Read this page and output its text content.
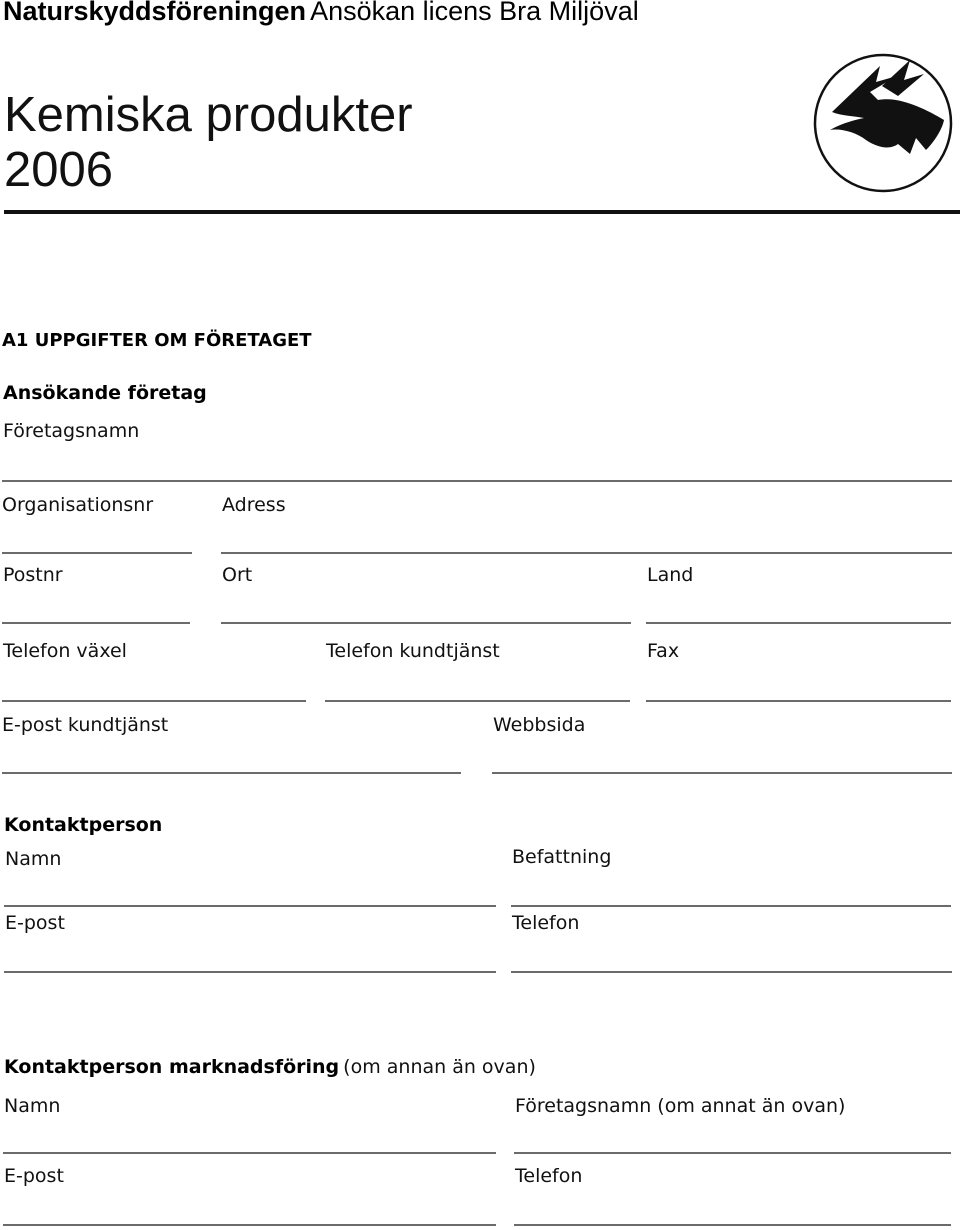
Naturskyddsföreningen Ansökan licens Bra Miljöval
Kemiska produkter
2006
A1 UPPGIFTER OM FÖRETAGET
Ansökande företag
Företagsnamn
Organisationsnr	Adress
Postnr	Ort	Land
Telefon växel	Telefon kundtjänst	Fax
E-post kundtjänst	Webbsida
Kontaktperson
Namn	Befattning
E-post	Telefon
Kontaktperson marknadsföring (om annan än ovan)
Namn	Företagsnamn (om annat än ovan)
E-post	Telefon
